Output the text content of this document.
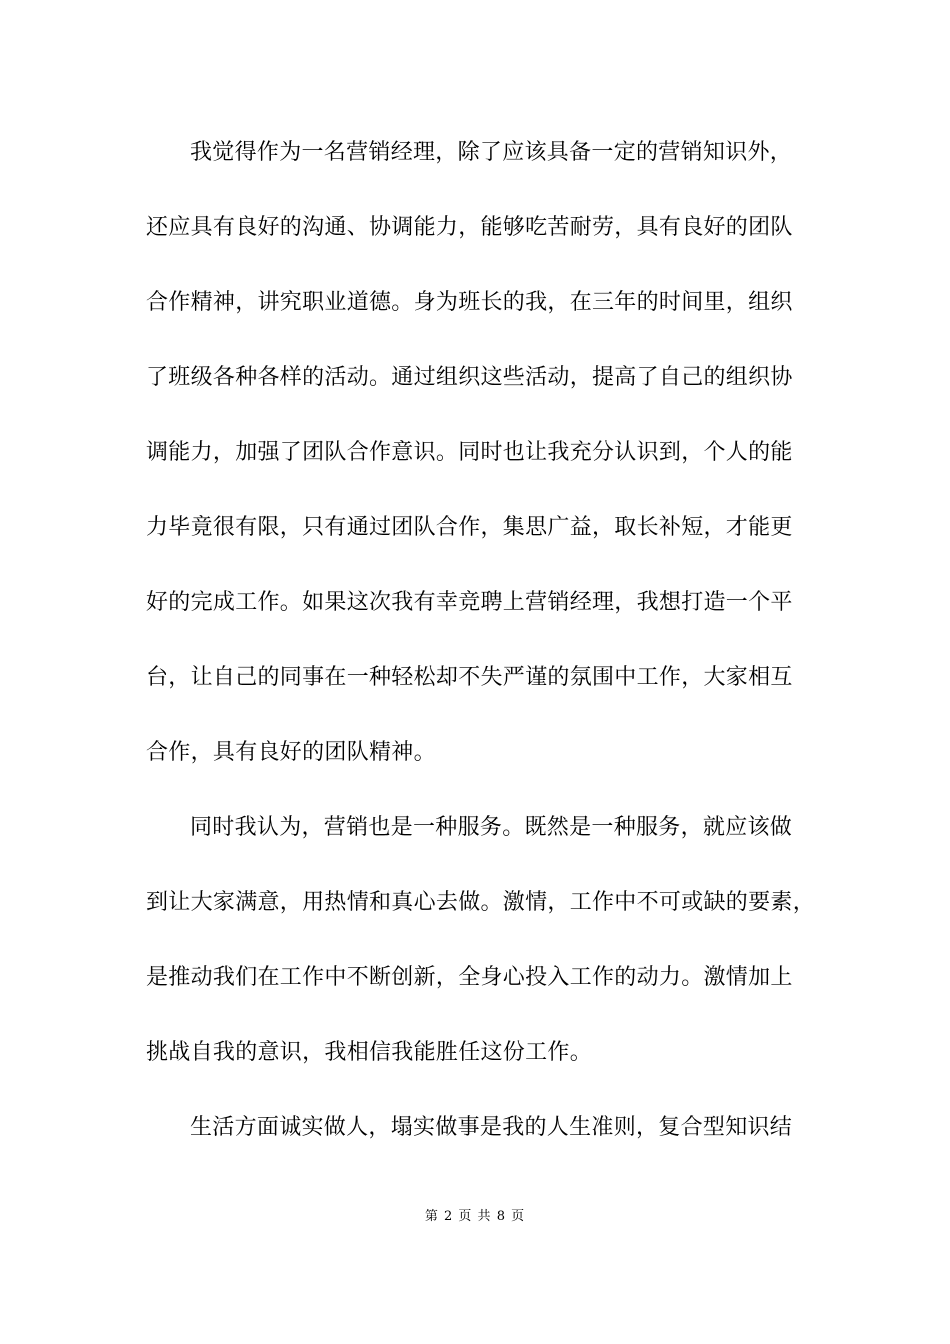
我觉得作为一名营销经理，除了应该具备一定的营销知识外，
还应具有良好的沟通、协调能力，能够吃苦耐劳，具有良好的团队
合作精神，讲究职业道德。身为班长的我，在三年的时间里，组织
了班级各种各样的活动。通过组织这些活动，提高了自己的组织协
调能力，加强了团队合作意识。同时也让我充分认识到，个人的能
力毕竟很有限，只有通过团队合作，集思广益，取长补短，才能更
好的完成工作。如果这次我有幸竞聘上营销经理，我想打造一个平
台，让自己的同事在一种轻松却不失严谨的氛围中工作，大家相互
合作，具有良好的团队精神。
同时我认为，营销也是一种服务。既然是一种服务，就应该做
到让大家满意，用热情和真心去做。激情，工作中不可或缺的要素，
是推动我们在工作中不断创新，全身心投入工作的动力。激情加上
挑战自我的意识，我相信我能胜任这份工作。
生活方面诚实做人，塌实做事是我的人生准则，复合型知识结
第 2 页 共 8 页
